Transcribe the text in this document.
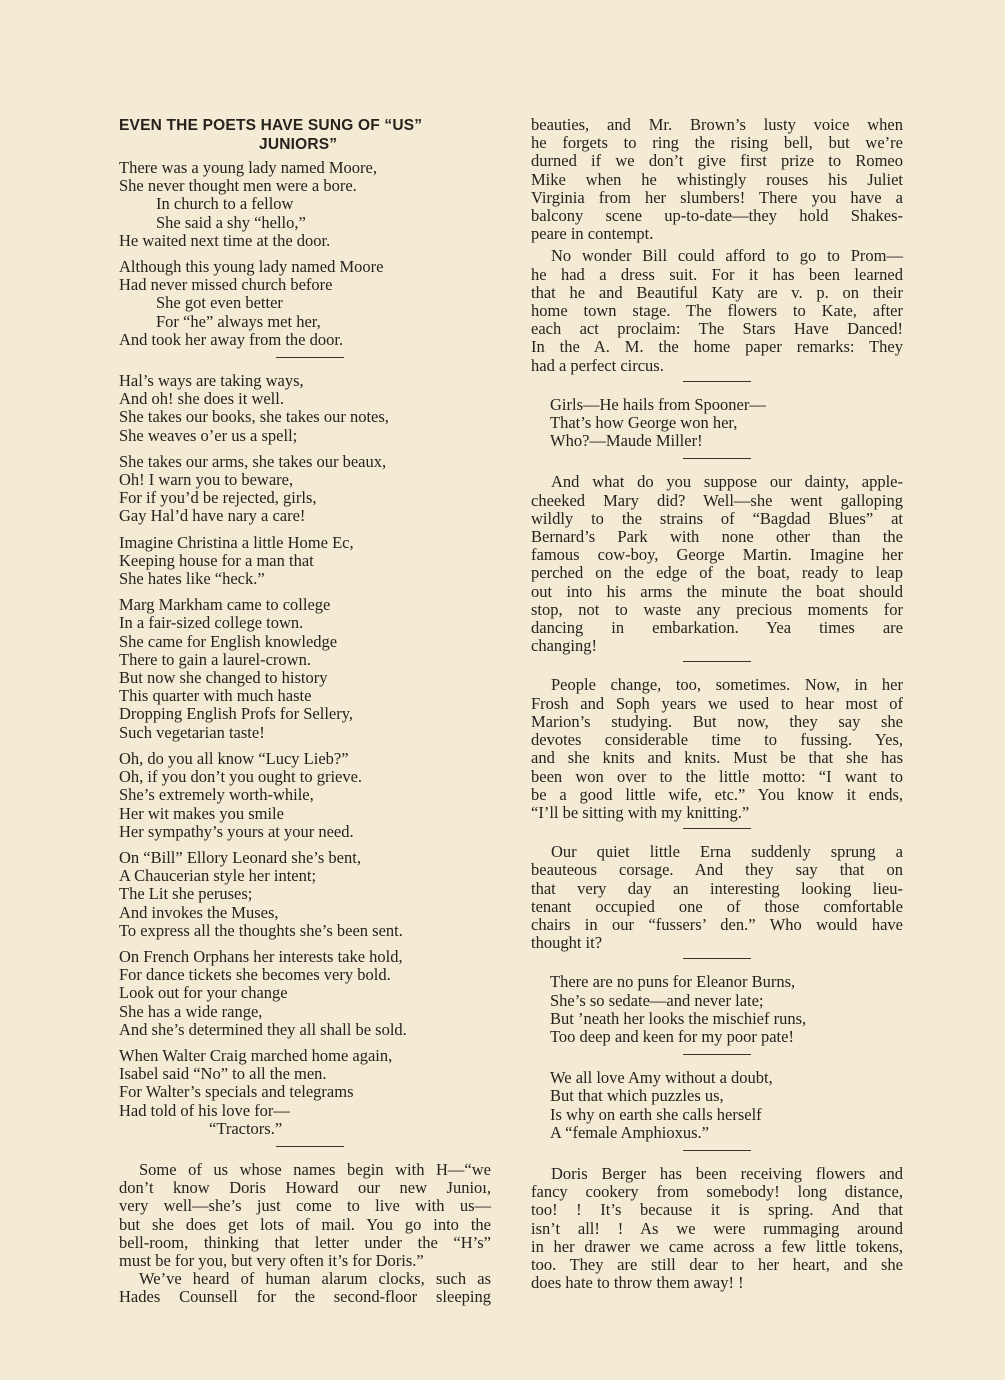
EVEN THE POETS HAVE SUNG OF “US”
JUNIORS”
There was a young lady named Moore,
She never thought men were a bore.
In church to a fellow
She said a shy “hello,”
He waited next time at the door.
Although this young lady named Moore
Had never missed church before
She got even better
For “he” always met her,
And took her away from the door.
Hal’s ways are taking ways,
And oh! she does it well.
She takes our books, she takes our notes,
She weaves o’er us a spell;
She takes our arms, she takes our beaux,
Oh! I warn you to beware,
For if you’d be rejected, girls,
Gay Hal’d have nary a care!
Imagine Christina a little Home Ec,
Keeping house for a man that
She hates like “heck.”
Marg Markham came to college
In a fair-sized college town.
She came for English knowledge
There to gain a laurel-crown.
But now she changed to history
This quarter with much haste
Dropping English Profs for Sellery,
Such vegetarian taste!
Oh, do you all know “Lucy Lieb?”
Oh, if you don’t you ought to grieve.
She’s extremely worth-while,
Her wit makes you smile
Her sympathy’s yours at your need.
On “Bill” Ellory Leonard she’s bent,
A Chaucerian style her intent;
The Lit she peruses;
And invokes the Muses,
To express all the thoughts she’s been sent.
On French Orphans her interests take hold,
For dance tickets she becomes very bold.
Look out for your change
She has a wide range,
And she’s determined they all shall be sold.
When Walter Craig marched home again,
Isabel said “No” to all the men.
For Walter’s specials and telegrams
Had told of his love for—
“Tractors.”
Some of us whose names begin with H—“we
don’t know Doris Howard our new Junioı,
very well—she’s just come to live with us—
but she does get lots of mail. You go into the
bell-room, thinking that letter under the “H’s”
must be for you, but very often it’s for Doris.”
We’ve heard of human alarum clocks, such as
Hades Counsell for the second-floor sleeping
beauties, and Mr. Brown’s lusty voice when
he forgets to ring the rising bell, but we’re
durned if we don’t give first prize to Romeo
Mike when he whistingly rouses his Juliet
Virginia from her slumbers! There you have a
balcony scene up-to-date—they hold Shakes-
peare in contempt.
No wonder Bill could afford to go to Prom—
he had a dress suit. For it has been learned
that he and Beautiful Katy are v. p. on their
home town stage. The flowers to Kate, after
each act proclaim: The Stars Have Danced!
In the A. M. the home paper remarks: They
had a perfect circus.
Girls—He hails from Spooner—
That’s how George won her,
Who?—Maude Miller!
And what do you suppose our dainty, apple-
cheeked Mary did? Well—she went galloping
wildly to the strains of “Bagdad Blues” at
Bernard’s Park with none other than the
famous cow-boy, George Martin. Imagine her
perched on the edge of the boat, ready to leap
out into his arms the minute the boat should
stop, not to waste any precious moments for
dancing in embarkation. Yea times are
changing!
People change, too, sometimes. Now, in her
Frosh and Soph years we used to hear most of
Marion’s studying. But now, they say she
devotes considerable time to fussing. Yes,
and she knits and knits. Must be that she has
been won over to the little motto: “I want to
be a good little wife, etc.” You know it ends,
“I’ll be sitting with my knitting.”
Our quiet little Erna suddenly sprung a
beauteous corsage. And they say that on
that very day an interesting looking lieu-
tenant occupied one of those comfortable
chairs in our “fussers’ den.” Who would have
thought it?
There are no puns for Eleanor Burns,
She’s so sedate—and never late;
But ’neath her looks the mischief runs,
Too deep and keen for my poor pate!
We all love Amy without a doubt,
But that which puzzles us,
Is why on earth she calls herself
A “female Amphioxus.”
Doris Berger has been receiving flowers and
fancy cookery from somebody! long distance,
too! ! It’s because it is spring. And that
isn’t all! ! As we were rummaging around
in her drawer we came across a few little tokens,
too. They are still dear to her heart, and she
does hate to throw them away! !
